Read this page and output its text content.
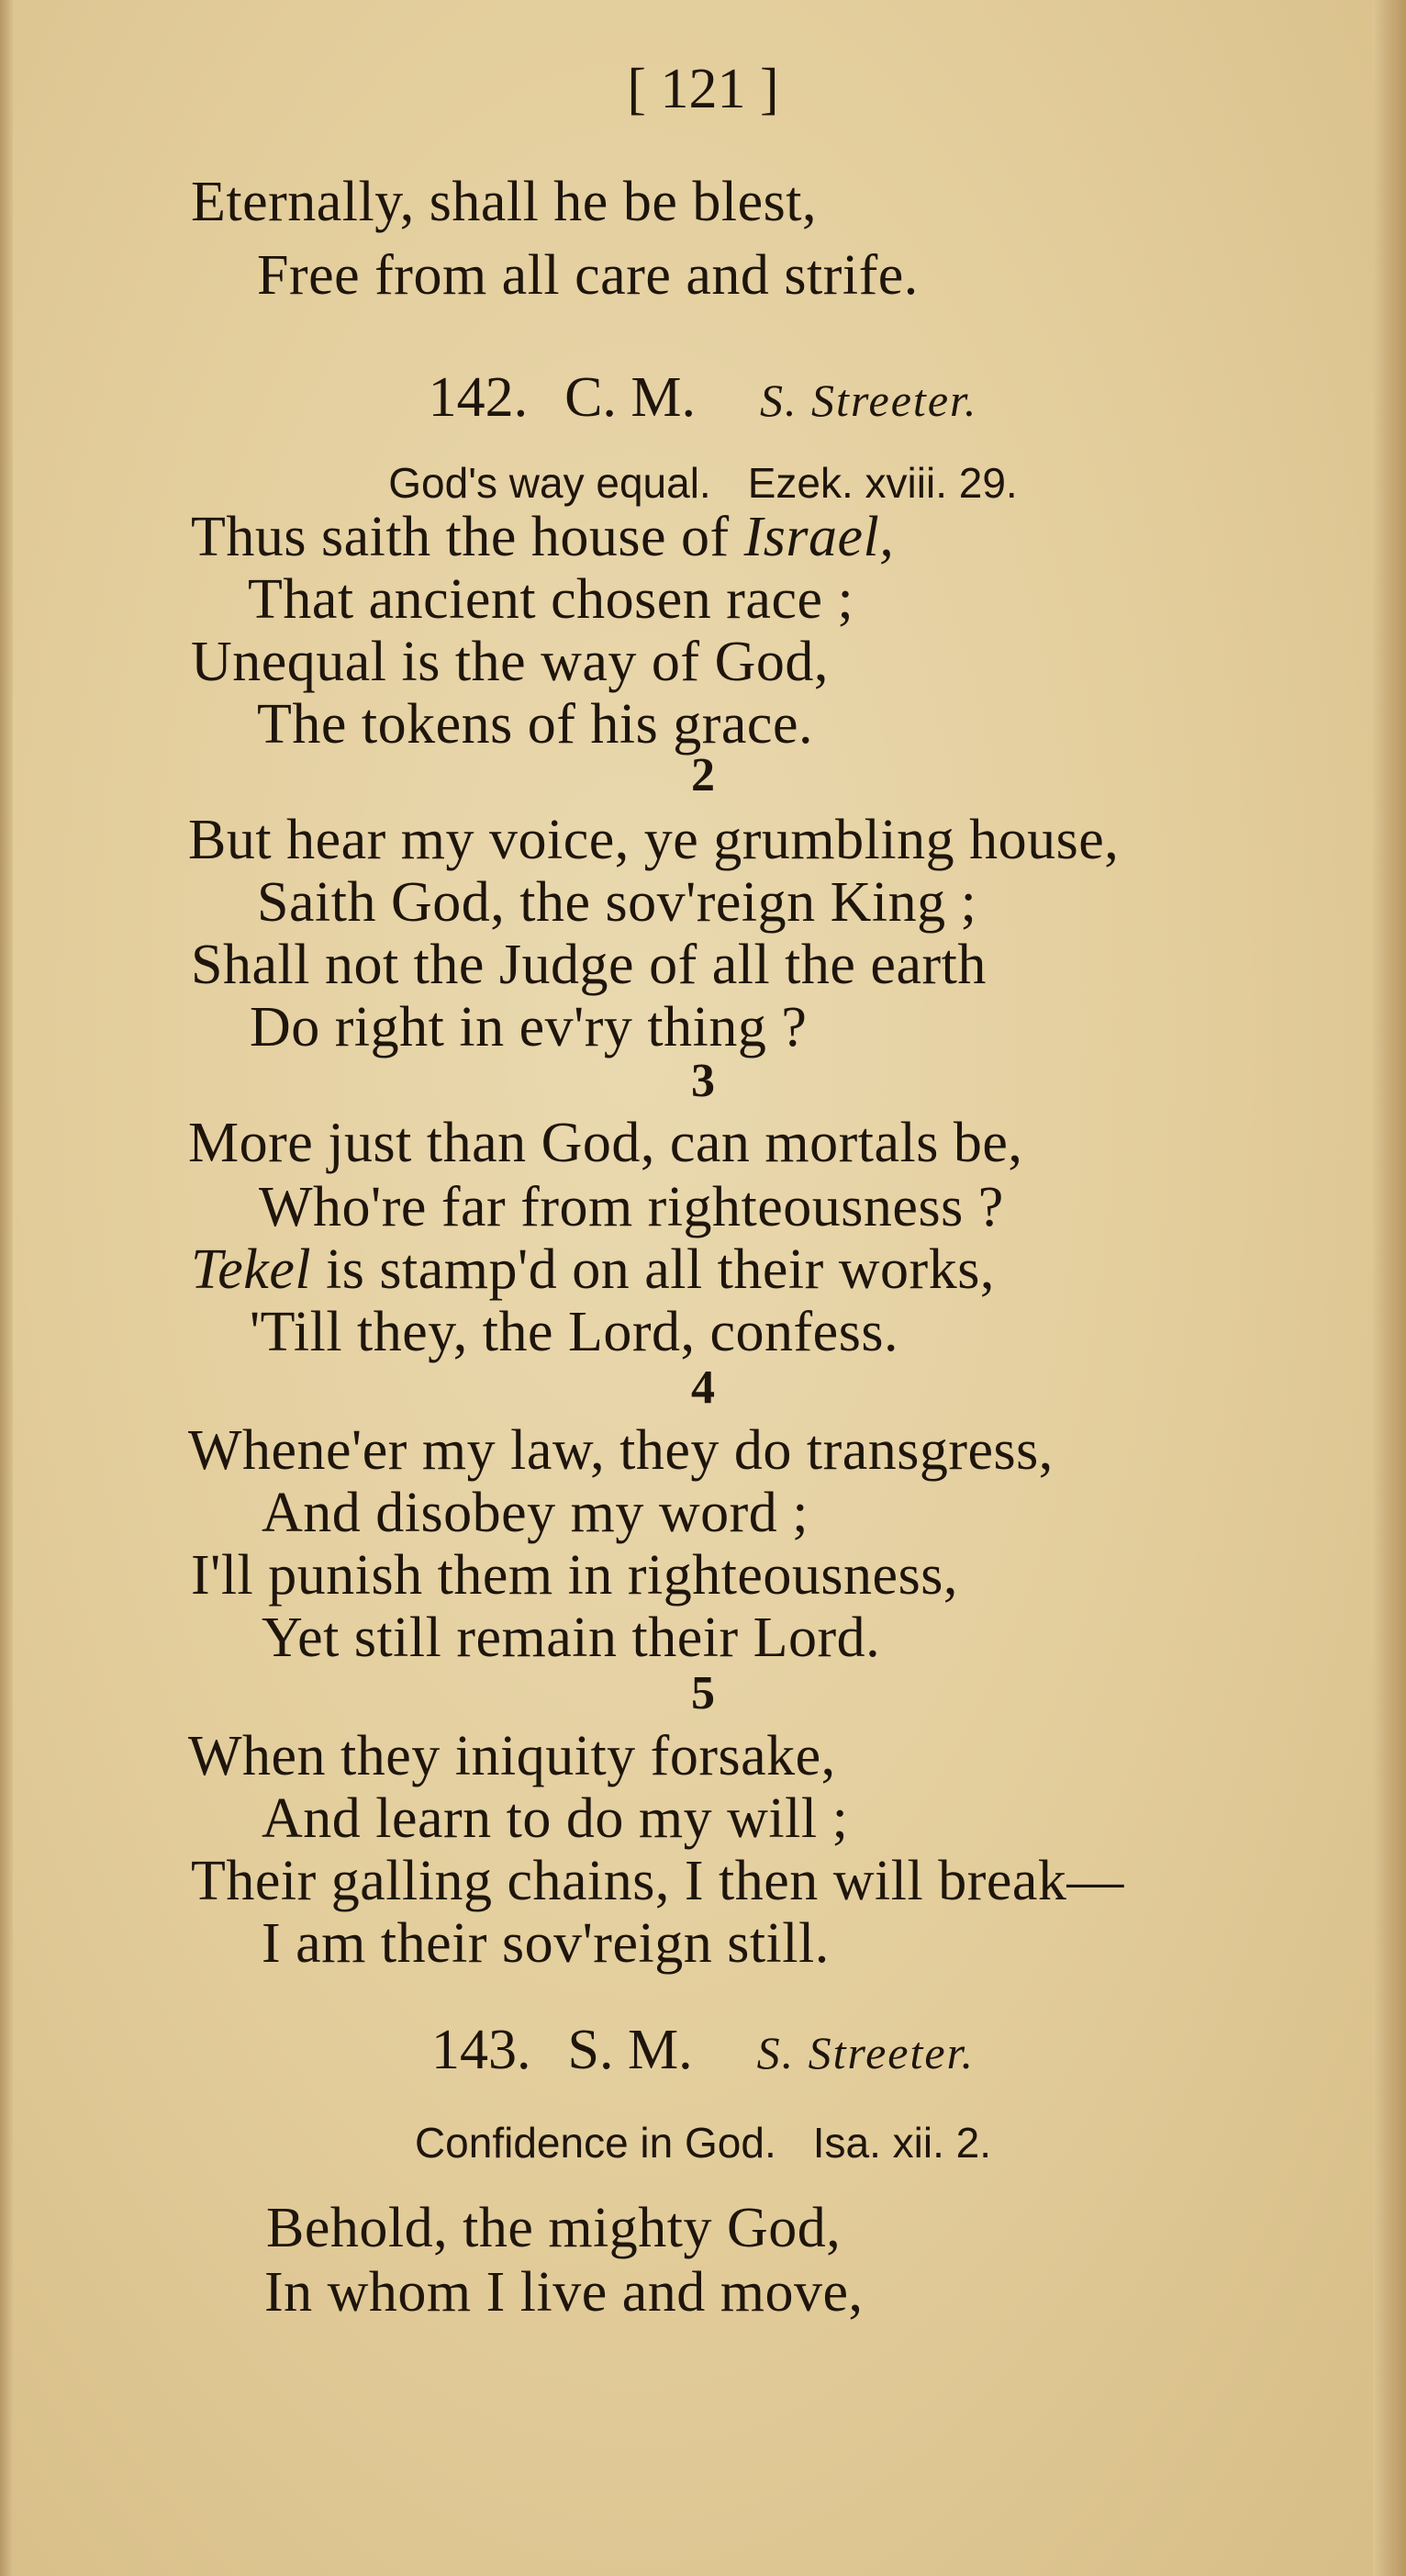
[ 121 ]
Eternally, shall he be blest,
Free from all care and strife.
142. C. M. S. Streeter.
God's way equal. Ezek. xviii. 29.
Thus saith the house of Israel,
That ancient chosen race ;
Unequal is the way of God,
The tokens of his grace.
2
But hear my voice, ye grumbling house,
Saith God, the sov'reign King ;
Shall not the Judge of all the earth
Do right in ev'ry thing ?
3
More just than God, can mortals be,
Who're far from righteousness ?
Tekel is stamp'd on all their works,
'Till they, the Lord, confess.
4
Whene'er my law, they do transgress,
And disobey my word ;
I'll punish them in righteousness,
Yet still remain their Lord.
5
When they iniquity forsake,
And learn to do my will ;
Their galling chains, I then will break—
I am their sov'reign still.
143. S. M. S. Streeter.
Confidence in God. Isa. xii. 2.
Behold, the mighty God,
In whom I live and move,
